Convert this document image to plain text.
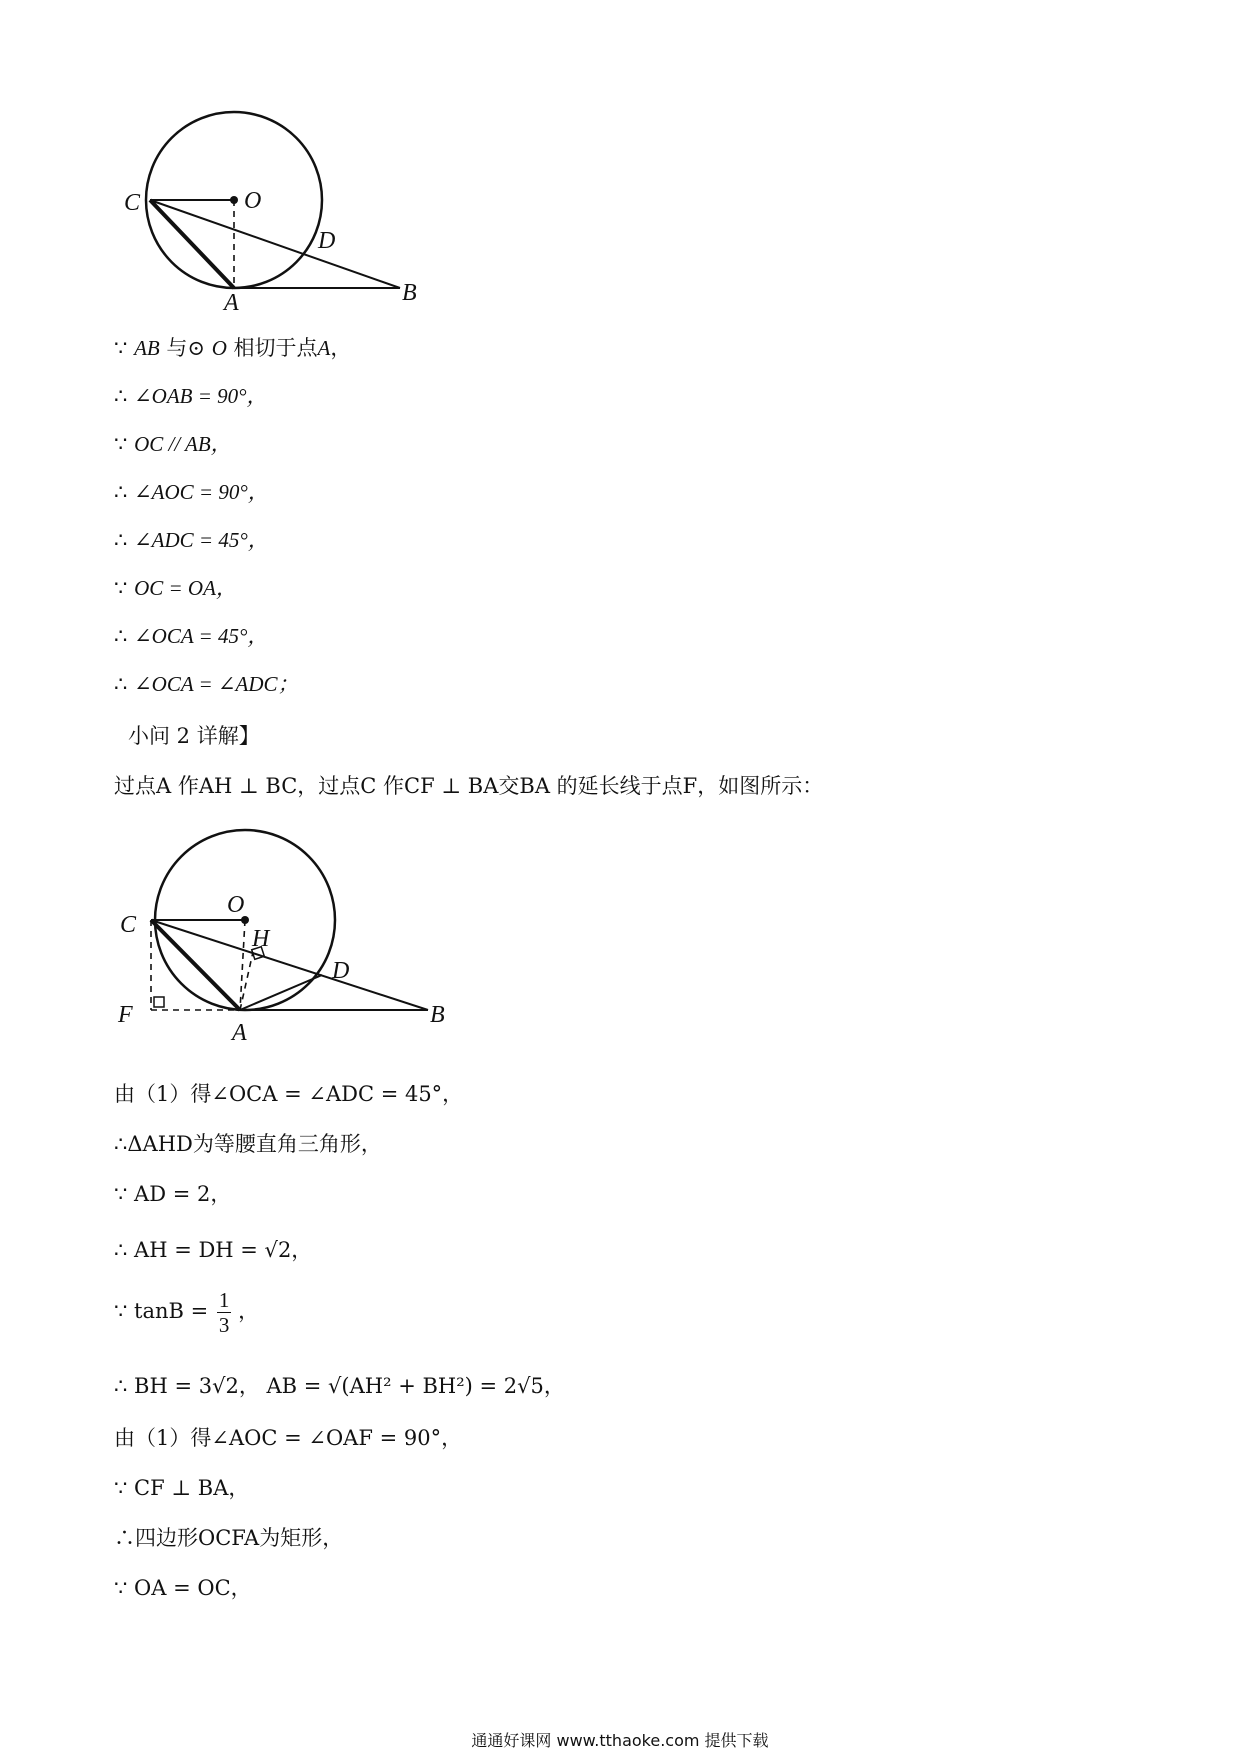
C	O
D
A	B
∵ AB 与⊙ O 相切于点A，
∴ ∠OAB = 90°，
∵ OC // AB，
∴ ∠AOC = 90°，
∴ ∠ADC = 45°，
∵ OC = OA，
∴ ∠OCA = 45°，
∴ ∠OCA = ∠ADC；
小问 2 详解】
过点A 作AH ⊥ BC，过点C 作CF ⊥ BA交BA 的延长线于点F，如图所示：
C
O
H
D
F
A
B
由（1）得∠OCA = ∠ADC = 45°，
∴ΔAHD为等腰直角三角形，
∵ AD = 2，
∴ AH = DH = √2，
∵ $\tan B = \frac{1}{3}$ ，
∴ BH = 3√2， AB = √(AH² + BH²) = 2√5，
由（1）得∠AOC = ∠OAF = 90°，
∵ CF ⊥ BA，
∴四边形OCFA为矩形，
∵ OA = OC，
通通好课网 www.tthaoke.com 提供下载
